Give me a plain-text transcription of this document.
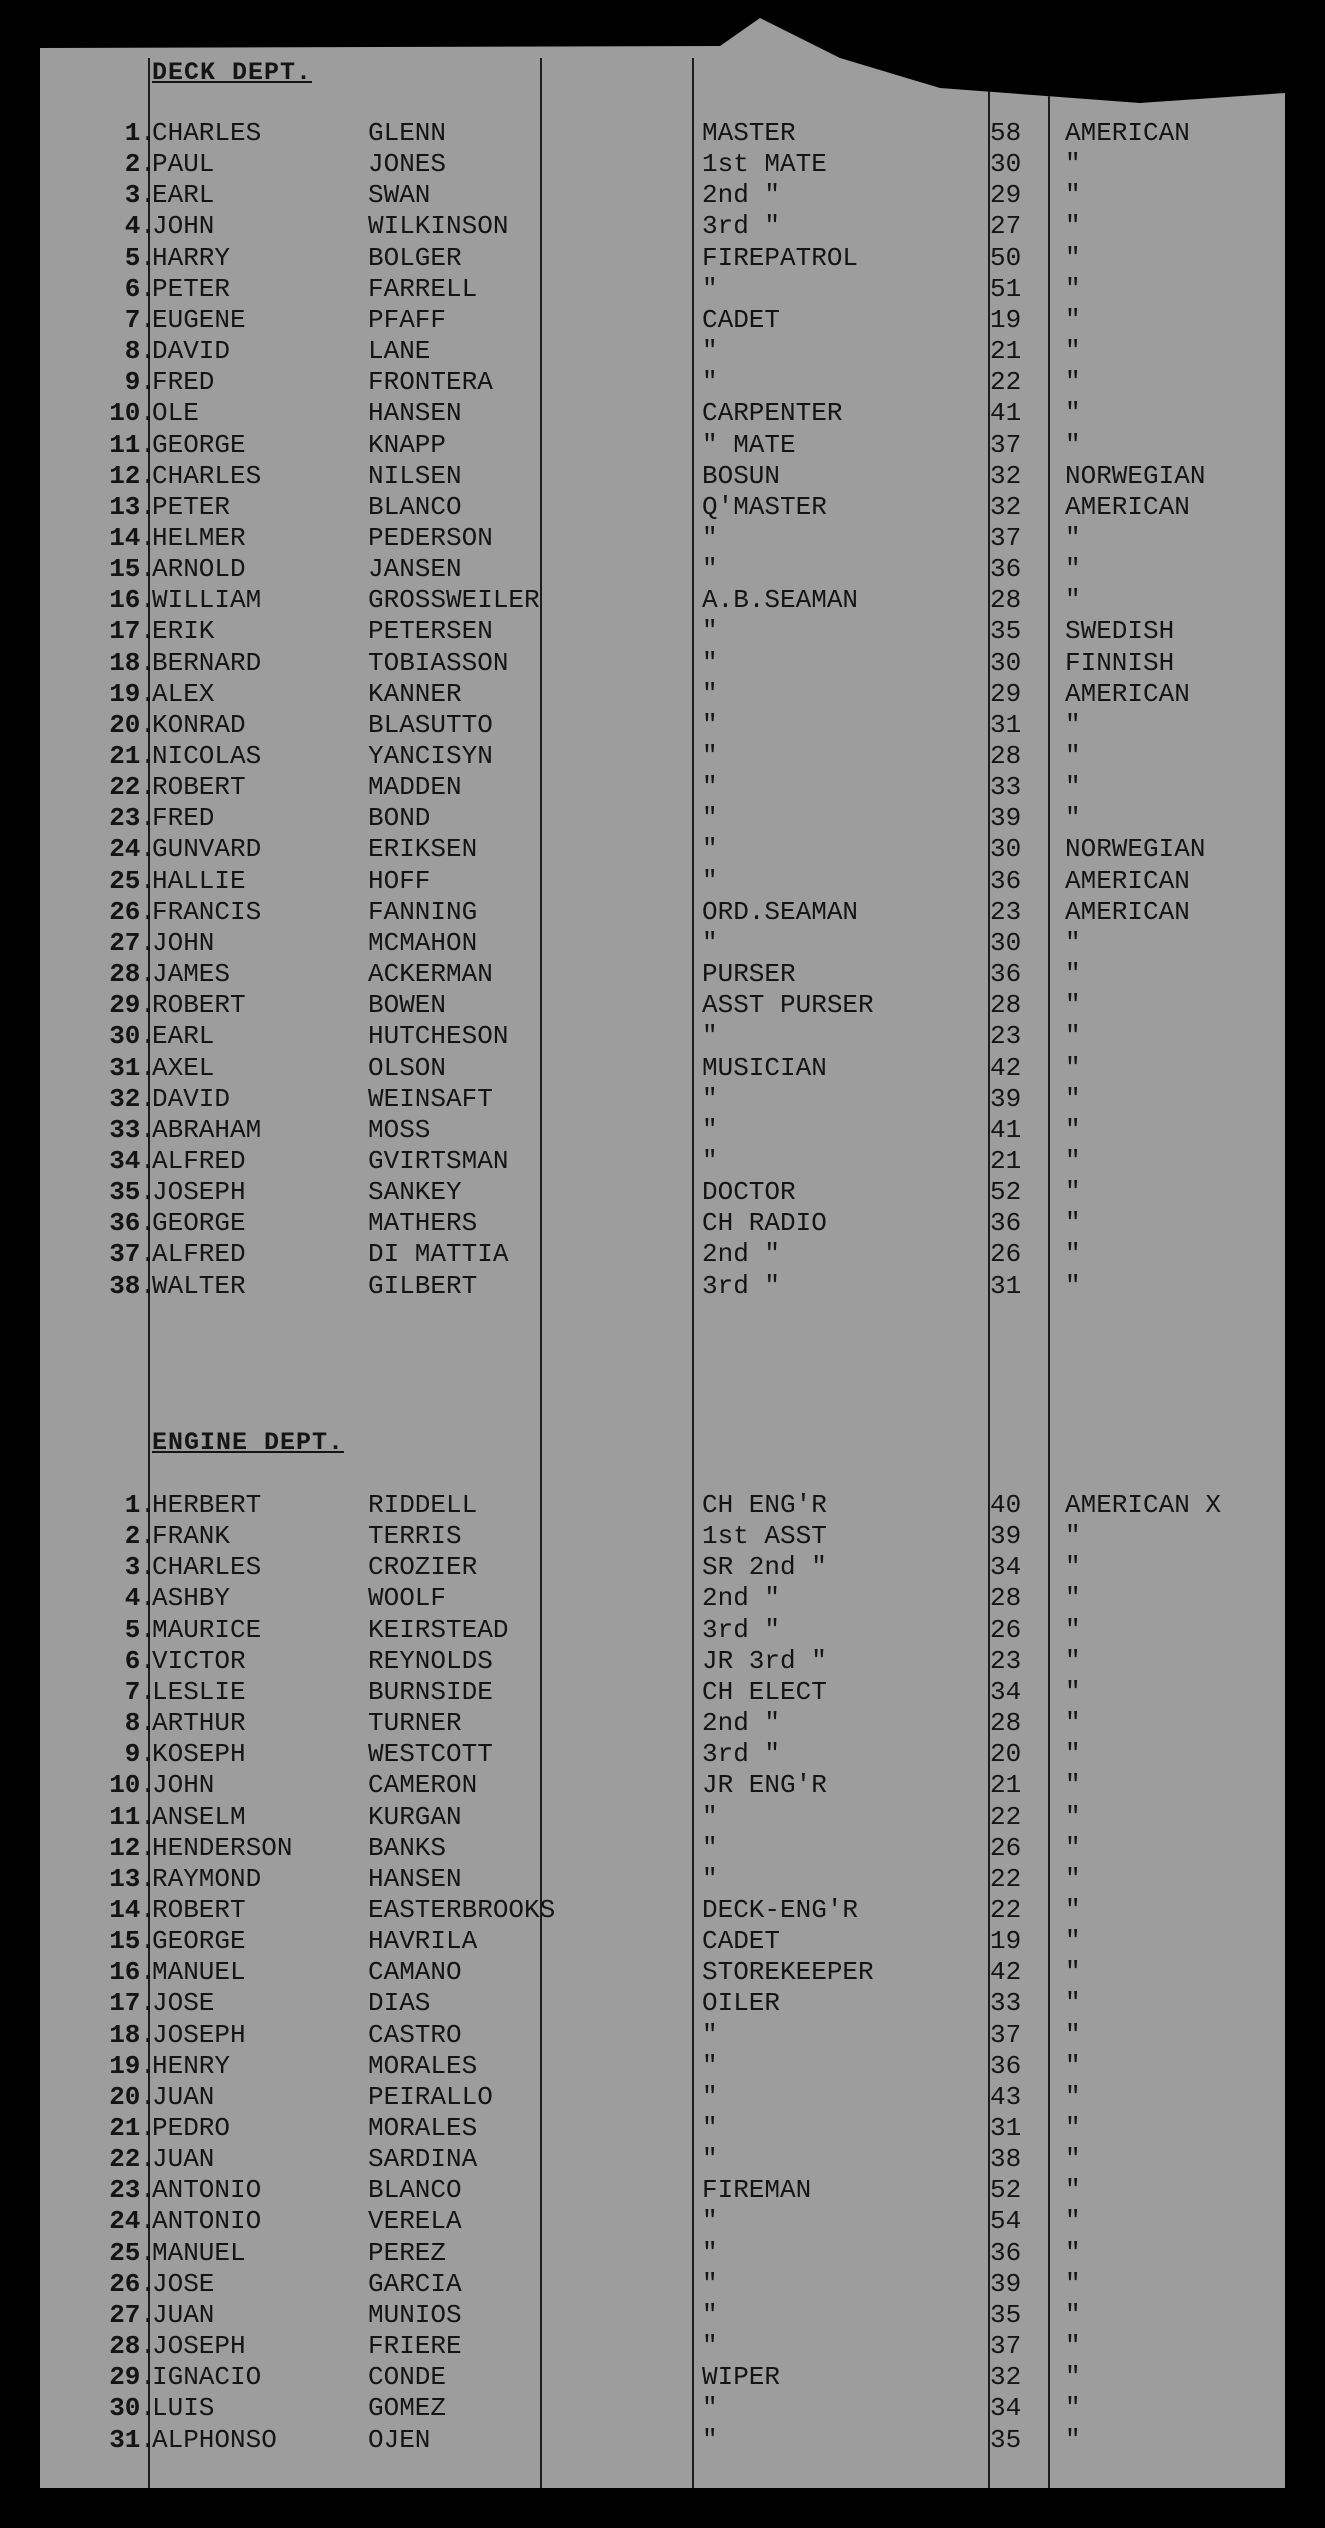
DECK DEPT.
1.
CHARLES	GLENN	MASTER	58 AMERICAN
2.
PAUL	JONES	1st MATE	30 "
3.
EARL	SWAN	2nd "	29 "
4.
JOHN	WILKINSON	3rd "	27 "
5.
HARRY	BOLGER	FIREPATROL	50 "
6.
PETER	FARRELL	"	51 "
7.
EUGENE	PFAFF	CADET	19 "
8.
DAVID	LANE	"	21 "
9.
FRED	FRONTERA	"	22 "
10.
OLE	HANSEN	CARPENTER	41 "
11.
GEORGE	KNAPP	" MATE	37 "
12.
CHARLES	NILSEN	BOSUN	32 NORWEGIAN
13.
PETER	BLANCO	Q'MASTER	32 AMERICAN
14.
HELMER	PEDERSON	"	37 "
15.
ARNOLD	JANSEN	"	36 "
16.
WILLIAM	GROSSWEILER	A.B.SEAMAN	28 "
17.
ERIK	PETERSEN	"	35 SWEDISH
18.
BERNARD	TOBIASSON	"	30 FINNISH
19.
ALEX	KANNER	"	29 AMERICAN
20.
KONRAD	BLASUTTO	"	31 "
21.
NICOLAS	YANCISYN	"	28 "
22.
ROBERT	MADDEN	"	33 "
23.
FRED	BOND	"	39 "
24.
GUNVARD	ERIKSEN	"	30 NORWEGIAN
25.
HALLIE	HOFF	"	36 AMERICAN
26.
FRANCIS	FANNING	ORD.SEAMAN	23 AMERICAN
27.
JOHN	MCMAHON	"	30 "
28.
JAMES	ACKERMAN	PURSER	36 "
29.
ROBERT	BOWEN	ASST PURSER	28 "
30.
EARL	HUTCHESON	"	23 "
31.
AXEL	OLSON	MUSICIAN	42 "
32.
DAVID	WEINSAFT	"	39 "
33.
ABRAHAM	MOSS	"	41 "
34.
ALFRED	GVIRTSMAN	"	21 "
35.
JOSEPH	SANKEY	DOCTOR	52 "
36.
GEORGE	MATHERS	CH RADIO	36 "
37.
ALFRED	DI MATTIA	2nd "	26 "
38.
WALTER	GILBERT	3rd "	31 "
ENGINE DEPT.
1.
HERBERT	RIDDELL	CH ENG'R	40 AMERICAN X
2.
FRANK	TERRIS	1st ASST	39 "
3.
CHARLES	CROZIER	SR 2nd "	34 "
4.
ASHBY	WOOLF	2nd "	28 "
5.
MAURICE	KEIRSTEAD	3rd "	26 "
6.
VICTOR	REYNOLDS	JR 3rd "	23 "
7.
LESLIE	BURNSIDE	CH ELECT	34 "
8.
ARTHUR	TURNER	2nd "	28 "
9.
KOSEPH	WESTCOTT	3rd "	20 "
10.
JOHN	CAMERON	JR ENG'R	21 "
11.
ANSELM	KURGAN	"	22 "
12.
HENDERSON	BANKS	"	26 "
13.
RAYMOND	HANSEN	"	22 "
14.
ROBERT	EASTERBROOKS	DECK-ENG'R	22 "
15.
GEORGE	HAVRILA	CADET	19 "
16.
MANUEL	CAMANO	STOREKEEPER	42 "
17.
JOSE	DIAS	OILER	33 "
18.
JOSEPH	CASTRO	"	37 "
19.
HENRY	MORALES	"	36 "
20.
JUAN	PEIRALLO	"	43 "
21.
PEDRO	MORALES	"	31 "
22.
JUAN	SARDINA	"	38 "
23.
ANTONIO	BLANCO	FIREMAN	52 "
24.
ANTONIO	VERELA	"	54 "
25.
MANUEL	PEREZ	"	36 "
26.
JOSE	GARCIA	"	39 "
27.
JUAN	MUNIOS	"	35 "
28.
JOSEPH	FRIERE	"	37 "
29.
IGNACIO	CONDE	WIPER	32 "
30.
LUIS	GOMEZ	"	34 "
31.
ALPHONSO	OJEN	"	35 "
